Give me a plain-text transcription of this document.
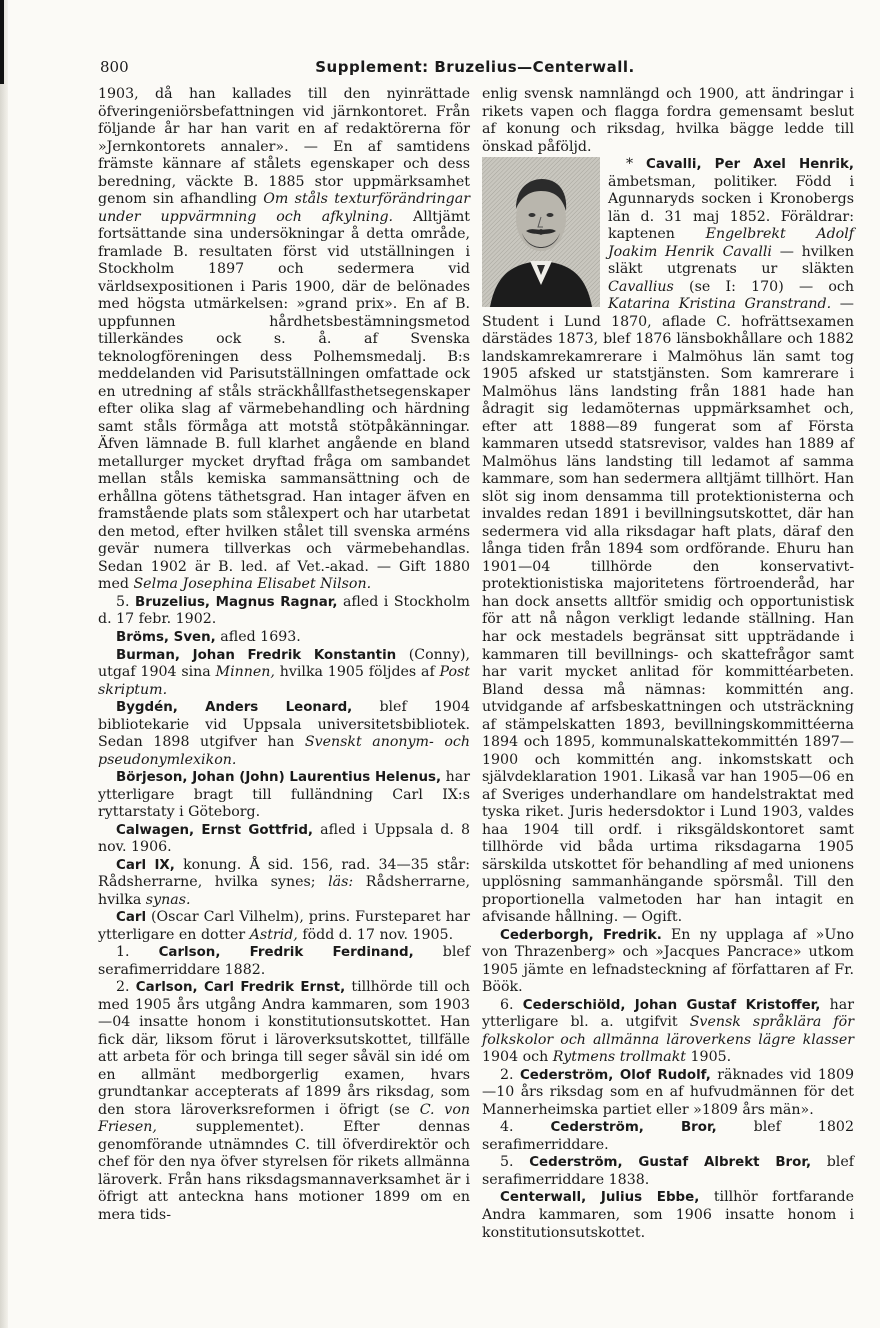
800	Supplement: Bruzelius—Centerwall.

1903, då han kallades till den nyinrättade öfveringeniörsbefattningen vid järnkontoret. Från följande år har han varit en af redaktörerna för »Jernkontorets annaler». — En af samtidens främste kännare af stålets egenskaper och dess beredning, väckte B. 1885 stor uppmärksamhet genom sin afhandling Om ståls texturförändringar under uppvärmning och afkylning. Alltjämt fortsättande sina undersökningar å detta område, framlade B. resultaten först vid utställningen i Stockholm 1897 och sedermera vid världsexpositionen i Paris 1900, där de belönades med högsta utmärkelsen: »grand prix». En af B. uppfunnen hårdhetsbestämningsmetod tillerkändes ock s. å. af Svenska teknologföreningen dess Polhemsmedalj. B:s meddelanden vid Parisutställningen omfattade ock en utredning af ståls sträckhållfasthetsegenskaper efter olika slag af värmebehandling och härdning samt ståls förmåga att motstå stötpåkänningar. Äfven lämnade B. full klarhet angående en bland metallurger mycket dryftad fråga om sambandet mellan ståls kemiska sammansättning och de erhållna götens täthetsgrad. Han intager äfven en framstående plats som stålexpert och har utarbetat den metod, efter hvilken stålet till svenska arméns gevär numera tillverkas och värmebehandlas. Sedan 1902 är B. led. af Vet.-akad. — Gift 1880 med Selma Josephina Elisabet Nilson.

5. Bruzelius, Magnus Ragnar, afled i Stockholm d. 17 febr. 1902.

Bröms, Sven, afled 1693.

Burman, Johan Fredrik Konstantin (Conny), utgaf 1904 sina Minnen, hvilka 1905 följdes af Post skriptum.

Bygdén, Anders Leonard, blef 1904 bibliotekarie vid Uppsala universitetsbibliotek. Sedan 1898 utgifver han Svenskt anonym- och pseudonymlexikon.

Börjeson, Johan (John) Laurentius Helenus, har ytterligare bragt till fulländning Carl IX:s ryttarstaty i Göteborg.

Calwagen, Ernst Gottfrid, afled i Uppsala d. 8 nov. 1906.

Carl IX, konung. Å sid. 156, rad. 34—35 står: Rådsherrarne, hvilka synes; läs: Rådsherrarne, hvilka synas.

Carl (Oscar Carl Vilhelm), prins. Fursteparet har ytterligare en dotter Astrid, född d. 17 nov. 1905.

1. Carlson, Fredrik Ferdinand, blef serafimerriddare 1882.

2. Carlson, Carl Fredrik Ernst, tillhörde till och med 1905 års utgång Andra kammaren, som 1903—04 insatte honom i konstitutionsutskottet. Han fick där, liksom förut i läroverksutskottet, tillfälle att arbeta för och bringa till seger såväl sin idé om en allmänt medborgerlig examen, hvars grundtankar accepterats af 1899 års riksdag, som den stora läroverksreformen i öfrigt (se C. von Friesen, supplementet). Efter dennas genomförande utnämndes C. till öfverdirektör och chef för den nya öfver styrelsen för rikets allmänna läroverk. Från hans riksdagsmannaverksamhet är i öfrigt att anteckna hans motioner 1899 om en mera tids-

enlig svensk namnlängd och 1900, att ändringar i rikets vapen och flagga fordra gemensamt beslut af konung och riksdag, hvilka bägge ledde till önskad påföljd.

* Cavalli, Per Axel Henrik, ämbetsman, politiker. Född i Agunnaryds socken i Kronobergs län d. 31 maj 1852. Föräldrar: kaptenen Engelbrekt Adolf Joakim Henrik Cavalli — hvilken släkt utgrenats ur släkten Cavallius (se I: 170) — och Katarina Kristina Granstrand. — Student i Lund 1870, aflade C. hofrättsexamen därstädes 1873, blef 1876 länsbokhållare och 1882 landskamrekamrerare i Malmöhus län samt tog 1905 afsked ur statstjänsten. Som kamrerare i Malmöhus läns landsting från 1881 hade han ådragit sig ledamöternas uppmärksamhet och, efter att 1888—89 fungerat som af Första kammaren utsedd statsrevisor, valdes han 1889 af Malmöhus läns landsting till ledamot af samma kammare, som han sedermera alltjämt tillhört. Han slöt sig inom densamma till protektionisterna och invaldes redan 1891 i bevillningsutskottet, där han sedermera vid alla riksdagar haft plats, däraf den långa tiden från 1894 som ordförande. Ehuru han 1901—04 tillhörde den konservativt-protektionistiska majoritetens förtroenderåd, har han dock ansetts alltför smidig och opportunistisk för att nå någon verkligt ledande ställning. Han har ock mestadels begränsat sitt uppträdande i kammaren till bevillnings- och skattefrågor samt har varit mycket anlitad för kommittéarbeten. Bland dessa må nämnas: kommittén ang. utvidgande af arfsbeskattningen och utsträckning af stämpelskatten 1893, bevillningskommittéerna 1894 och 1895, kommunalskattekommittén 1897—1900 och kommittén ang. inkomstskatt och självdeklaration 1901. Likaså var han 1905—06 en af Sveriges underhandlare om handelstraktat med tyska riket. Juris hedersdoktor i Lund 1903, valdes haa 1904 till ordf. i riksgäldskontoret samt tillhörde vid båda urtima riksdagarna 1905 särskilda utskottet för behandling af med unionens upplösning sammanhängande spörsmål. Till den proportionella valmetoden har han intagit en afvisande hållning. — Ogift.

Cederborgh, Fredrik. En ny upplaga af »Uno von Thrazenberg» och »Jacques Pancrace» utkom 1905 jämte en lefnadsteckning af författaren af Fr. Böök.

6. Cederschiöld, Johan Gustaf Kristoffer, har ytterligare bl. a. utgifvit Svensk språklära för folkskolor och allmänna läroverkens lägre klasser 1904 och Rytmens trollmakt 1905.

2. Cederström, Olof Rudolf, räknades vid 1809—10 års riksdag som en af hufvudmännen för det Mannerheimska partiet eller »1809 års män».

4. Cederström, Bror, blef 1802 serafimerriddare.

5. Cederström, Gustaf Albrekt Bror, blef serafimerriddare 1838.

Centerwall, Julius Ebbe, tillhör fortfarande Andra kammaren, som 1906 insatte honom i konstitutionsutskottet.
